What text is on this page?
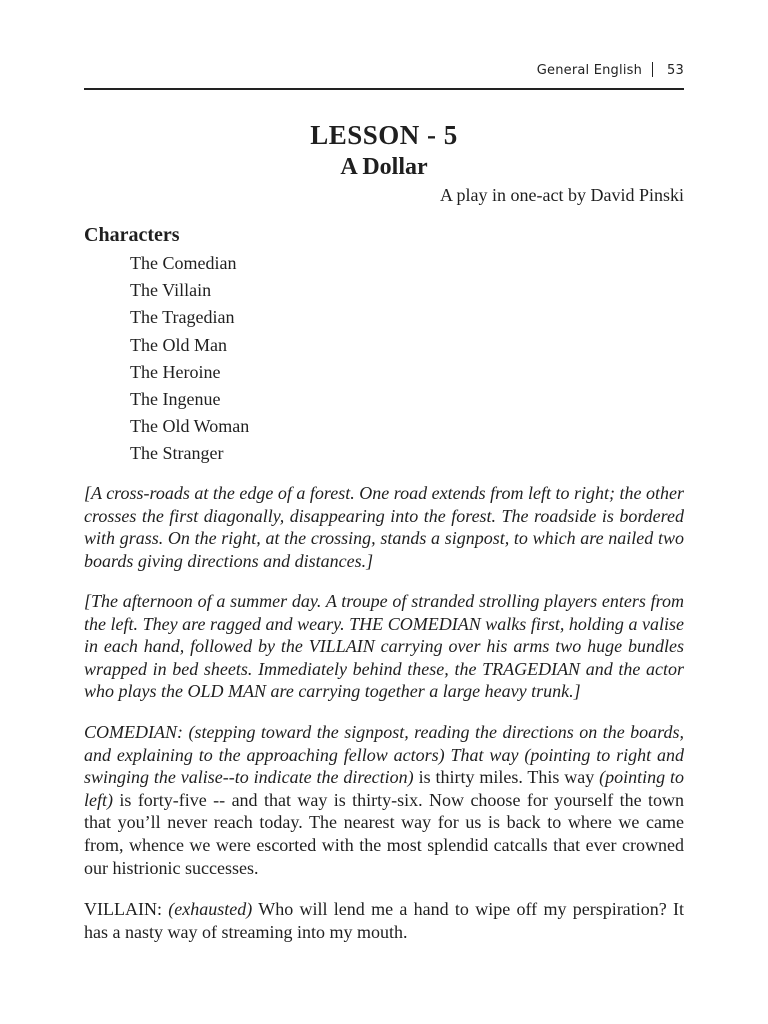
General English 53
LESSON - 5
A Dollar
A play in one-act by David Pinski
Characters
The Comedian
The Villain
The Tragedian
The Old Man
The Heroine
The Ingenue
The Old Woman
The Stranger

[A cross-roads at the edge of a forest. One road extends from left to right; the other crosses the first diagonally, disappearing into the forest. The roadside is bordered with grass. On the right, at the crossing, stands a signpost, to which are nailed two boards giving directions and distances.]

[The afternoon of a summer day. A troupe of stranded strolling players enters from the left. They are ragged and weary. THE COMEDIAN walks first, holding a valise in each hand, followed by the VILLAIN carrying over his arms two huge bundles wrapped in bed sheets. Immediately behind these, the TRAGEDIAN and the actor who plays the OLD MAN are carrying together a large heavy trunk.]

COMEDIAN: (stepping toward the signpost, reading the directions on the boards, and explaining to the approaching fellow actors) That way (pointing to right and swinging the valise--to indicate the direction) is thirty miles. This way (pointing to left) is forty-five -- and that way is thirty-six. Now choose for yourself the town that you’ll never reach today. The nearest way for us is back to where we came from, whence we were escorted with the most splendid catcalls that ever crowned our histrionic successes.

VILLAIN: (exhausted) Who will lend me a hand to wipe off my perspiration? It has a nasty way of streaming into my mouth.
